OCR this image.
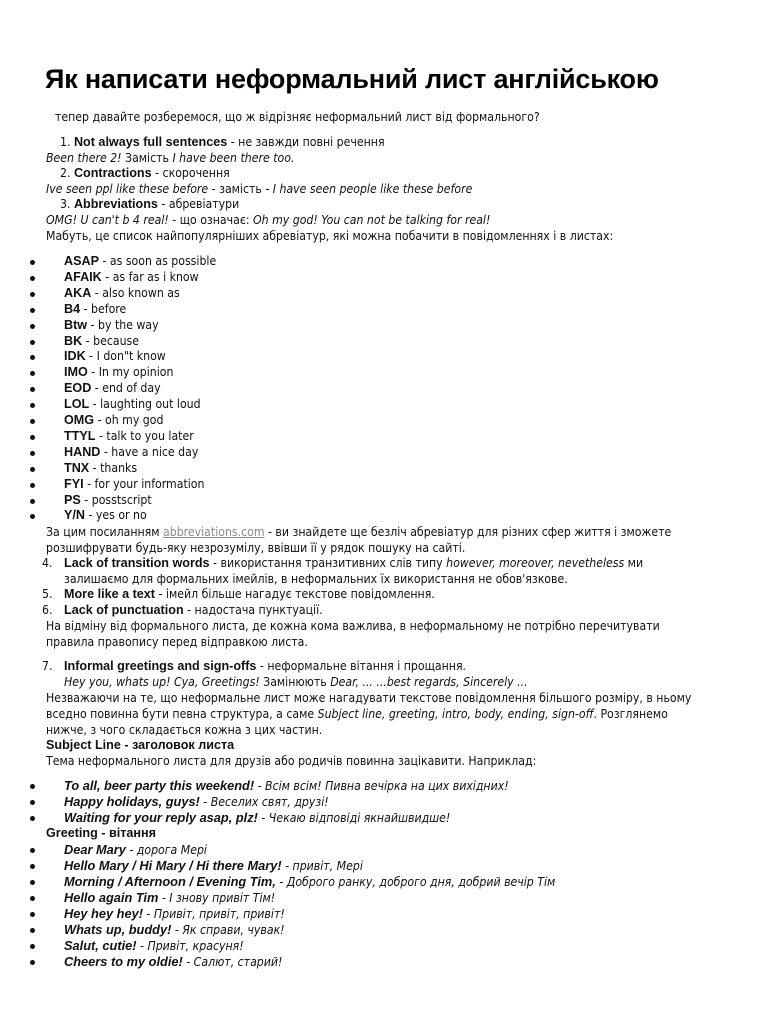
Як написати неформальний лист англійською
тепер давайте розберемося, що ж відрізняє неформальний лист від формального?
1. Not always full sentences - не завжди повні речення
Been there 2! Замість I have been there too.
2. Contractions - скорочення
Ive seen ppl like these before - замість - I have seen people like these before
3. Abbreviations - абревіатури
OMG! U can't b 4 real! - що означає: Oh my god! You can not be talking for real!
Мабуть, це список найпопулярніших абревіатур, які можна побачити в повідомленнях і в листах:
ASAP - as soon as possible
AFAIK - as far as i know
AKA - also known as
B4 - before
Btw - by the way
BK - because
IDK - I don"t know
IMO - In my opinion
EOD - end of day
LOL - laughting out loud
OMG - oh my god
TTYL - talk to you later
HAND - have a nice day
TNX - thanks
FYI - for your information
PS - posstscript
Y/N - yes or no
За цим посиланням abbreviations.com - ви знайдете ще безліч абревіатур для різних сфер життя і зможете
розшифрувати будь-яку незрозумілу, ввівши її у рядок пошуку на сайті.
4. Lack of transition words - використання транзитивних слів типу however, moreover, nevetheless ми
залишаємо для формальних імейлів, в неформальних їх використання не обов'язкове.
5. More like a text - імейл більше нагадує текстове повідомлення.
6. Lack of punctuation - надостача пунктуації.
На відміну від формального листа, де кожна кома важлива, в неформальному не потрібно перечитувати
правила правопису перед відправкою листа.
7. Informal greetings and sign-offs - неформальне вітання і прощання.
Hey you, whats up! Cya, Greetings! Замінюють Dear, ... ...best regards, Sincerely ...
Незважаючи на те, що неформальне лист може нагадувати текстове повідомлення більшого розміру, в ньому
вседно повинна бути певна структура, а саме Subject line, greeting, intro, body, ending, sign-off. Розглянемо
нижче, з чого складається кожна з цих частин.
Subject Line - заголовок листа
Тема неформального листа для друзів або родичів повинна зацікавити. Наприклад:
To all, beer party this weekend! - Всім всім! Пивна вечірка на цих вихідних!
Happy holidays, guys! - Веселих свят, друзі!
Waiting for your reply asap, plz! - Чекаю відповіді якнайшвидше!
Greeting - вітання
Dear Mary - дорога Мері
Hello Mary / Hi Mary / Hi there Mary! - привіт, Мері
Morning / Afternoon / Evening Tim, - Доброго ранку, доброго дня, добрий вечір Тім
Hello again Tim - І знову привіт Тім!
Hey hey hey! - Привіт, привіт, привіт!
Whats up, buddy! - Як справи, чувак!
Salut, cutie! - Привіт, красуня!
Cheers to my oldie! - Салют, старий!
